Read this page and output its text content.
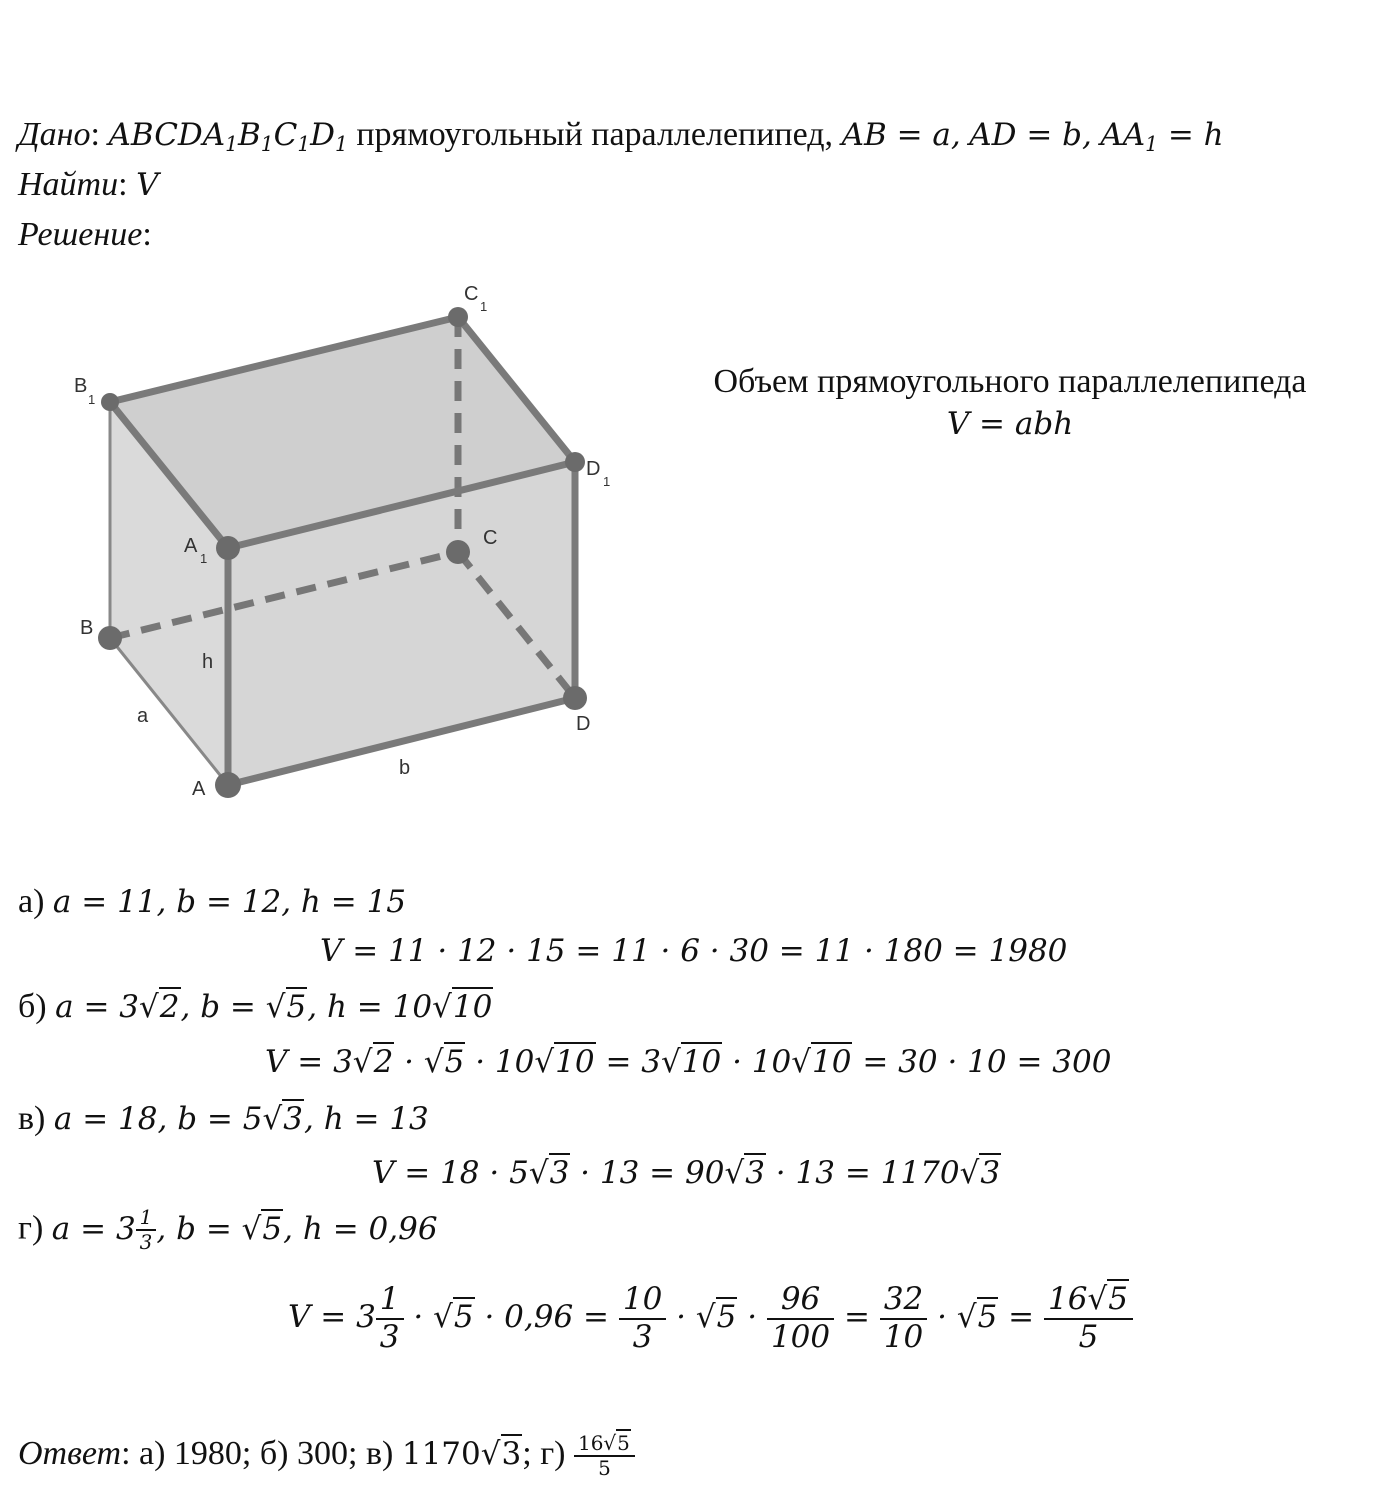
Дано: $ABCDA_1B_1C_1D_1$ прямоугольный параллелепипед, AB = a, AD = b, $AA_1 = h$
Найти: V
Решение:
B
1
C
1
D
1
A
1
C
B
D
A
h
a
b
Объем прямоугольного параллелепипеда
V = abh
а) a = 11, b = 12, h = 15
V = 11 · 12 · 15 = 11 · 6 · 30 = 11 · 180 = 1980
б) a = 3√2, b = √5, h = 10√10
V = 3√2 · √5 · 10√10 = 3√10 · 10√10 = 30 · 10 = 300
в) a = 18, b = 5√3, h = 13
V = 18 · 5√3 · 13 = 90√3 · 13 = 1170√3
г) $a = 3 \frac{1}{3}$ , b = √5, h = 0,96
$V = 3 \frac{1}{3} \cdot √5 \cdot 0,96 = \frac{10}{3} \cdot √5 \cdot \frac{96}{100} = \frac{32}{10} \cdot √5 = \frac{16√5}{5}$
Ответ: а) 1980; б) 300; в) 1170√3; $г) \frac{16√5}{5}$
